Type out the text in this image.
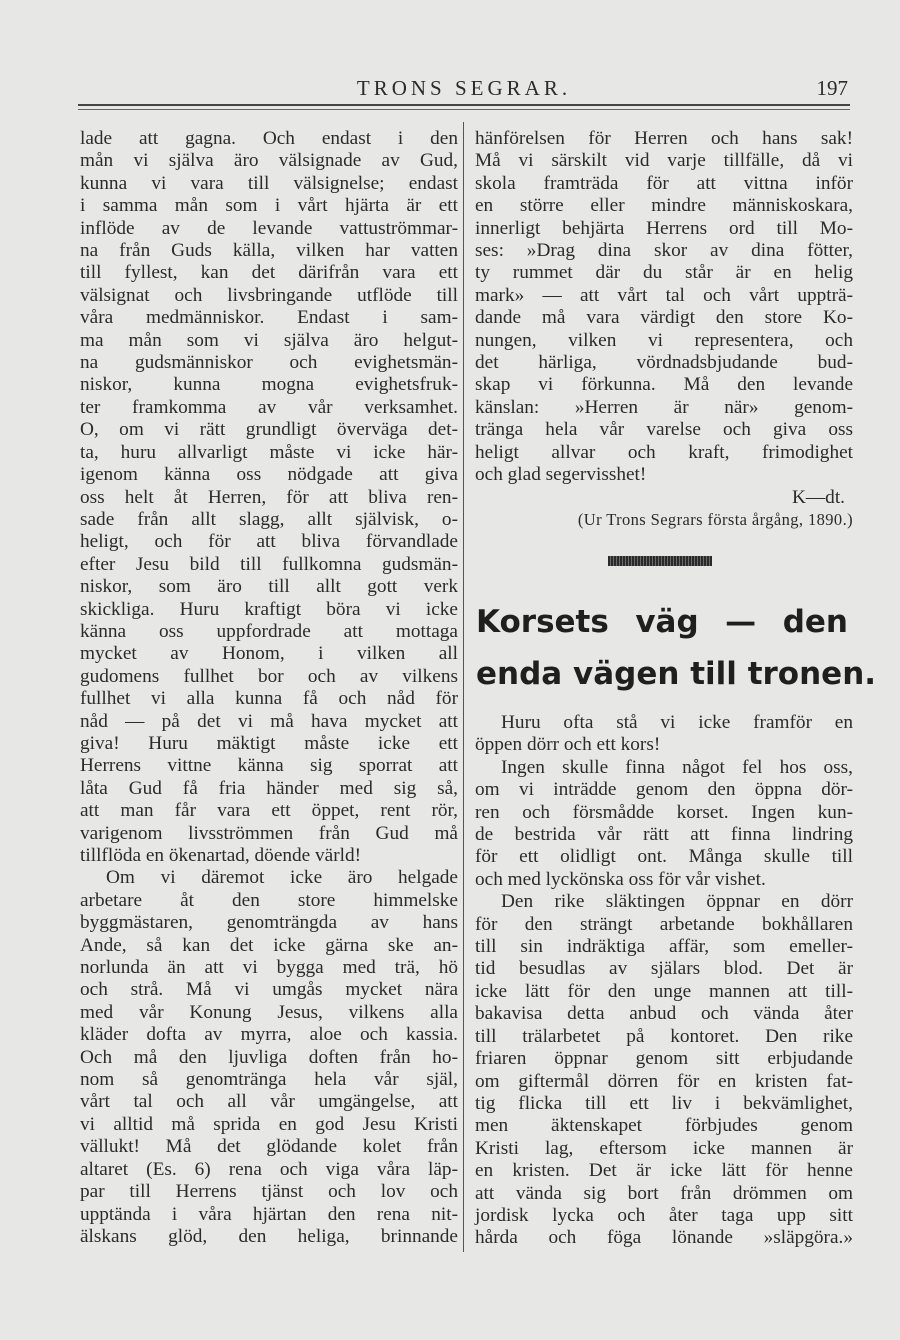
TRONS SEGRAR.	197
lade att gagna. Och endast i den
mån vi själva äro välsignade av Gud,
kunna vi vara till välsignelse; endast
i samma mån som i vårt hjärta är ett
inflöde av de levande vattuströmmar-
na från Guds källa, vilken har vatten
till fyllest, kan det därifrån vara ett
välsignat och livsbringande utflöde till
våra medmänniskor. Endast i sam-
ma mån som vi själva äro helgut-
na gudsmänniskor och evighetsmän-
niskor, kunna mogna evighetsfruk-
ter framkomma av vår verksamhet.
O, om vi rätt grundligt överväga det-
ta, huru allvarligt måste vi icke här-
igenom känna oss nödgade att giva
oss helt åt Herren, för att bliva ren-
sade från allt slagg, allt självisk, o-
heligt, och för att bliva förvandlade
efter Jesu bild till fullkomna gudsmän-
niskor, som äro till allt gott verk
skickliga. Huru kraftigt böra vi icke
känna oss uppfordrade att mottaga
mycket av Honom, i vilken all
gudomens fullhet bor och av vilkens
fullhet vi alla kunna få och nåd för
nåd — på det vi må hava mycket att
giva! Huru mäktigt måste icke ett
Herrens vittne känna sig sporrat att
låta Gud få fria händer med sig så,
att man får vara ett öppet, rent rör,
varigenom livsströmmen från Gud må
tillflöda en ökenartad, döende värld!
Om vi däremot icke äro helgade
arbetare åt den store himmelske
byggmästaren, genomträngda av hans
Ande, så kan det icke gärna ske an-
norlunda än att vi bygga med trä, hö
och strå. Må vi umgås mycket nära
med vår Konung Jesus, vilkens alla
kläder dofta av myrra, aloe och kassia.
Och må den ljuvliga doften från ho-
nom så genomtränga hela vår själ,
vårt tal och all vår umgängelse, att
vi alltid må sprida en god Jesu Kristi
vällukt! Må det glödande kolet från
altaret (Es. 6) rena och viga våra läp-
par till Herrens tjänst och lov och
upptända i våra hjärtan den rena nit-
älskans glöd, den heliga, brinnande
hänförelsen för Herren och hans sak!
Må vi särskilt vid varje tillfälle, då vi
skola framträda för att vittna inför
en större eller mindre människoskara,
innerligt behjärta Herrens ord till Mo-
ses: »Drag dina skor av dina fötter,
ty rummet där du står är en helig
mark» — att vårt tal och vårt uppträ-
dande må vara värdigt den store Ko-
nungen, vilken vi representera, och
det härliga, vördnadsbjudande bud-
skap vi förkunna. Må den levande
känslan: »Herren är när» genom-
tränga hela vår varelse och giva oss
heligt allvar och kraft, frimodighet
och glad segervisshet!
K—dt.
(Ur Trons Segrars första årgång, 1890.)
Korsets väg — den
enda vägen till tronen.
Huru ofta stå vi icke framför en
öppen dörr och ett kors!
Ingen skulle finna något fel hos oss,
om vi inträdde genom den öppna dör-
ren och försmådde korset. Ingen kun-
de bestrida vår rätt att finna lindring
för ett olidligt ont. Många skulle till
och med lyckönska oss för vår vishet.
Den rike släktingen öppnar en dörr
för den strängt arbetande bokhållaren
till sin indräktiga affär, som emeller-
tid besudlas av själars blod. Det är
icke lätt för den unge mannen att till-
bakavisa detta anbud och vända åter
till trälarbetet på kontoret. Den rike
friaren öppnar genom sitt erbjudande
om giftermål dörren för en kristen fat-
tig flicka till ett liv i bekvämlighet,
men äktenskapet förbjudes genom
Kristi lag, eftersom icke mannen är
en kristen. Det är icke lätt för henne
att vända sig bort från drömmen om
jordisk lycka och åter taga upp sitt
hårda och föga lönande »släpgöra.»
